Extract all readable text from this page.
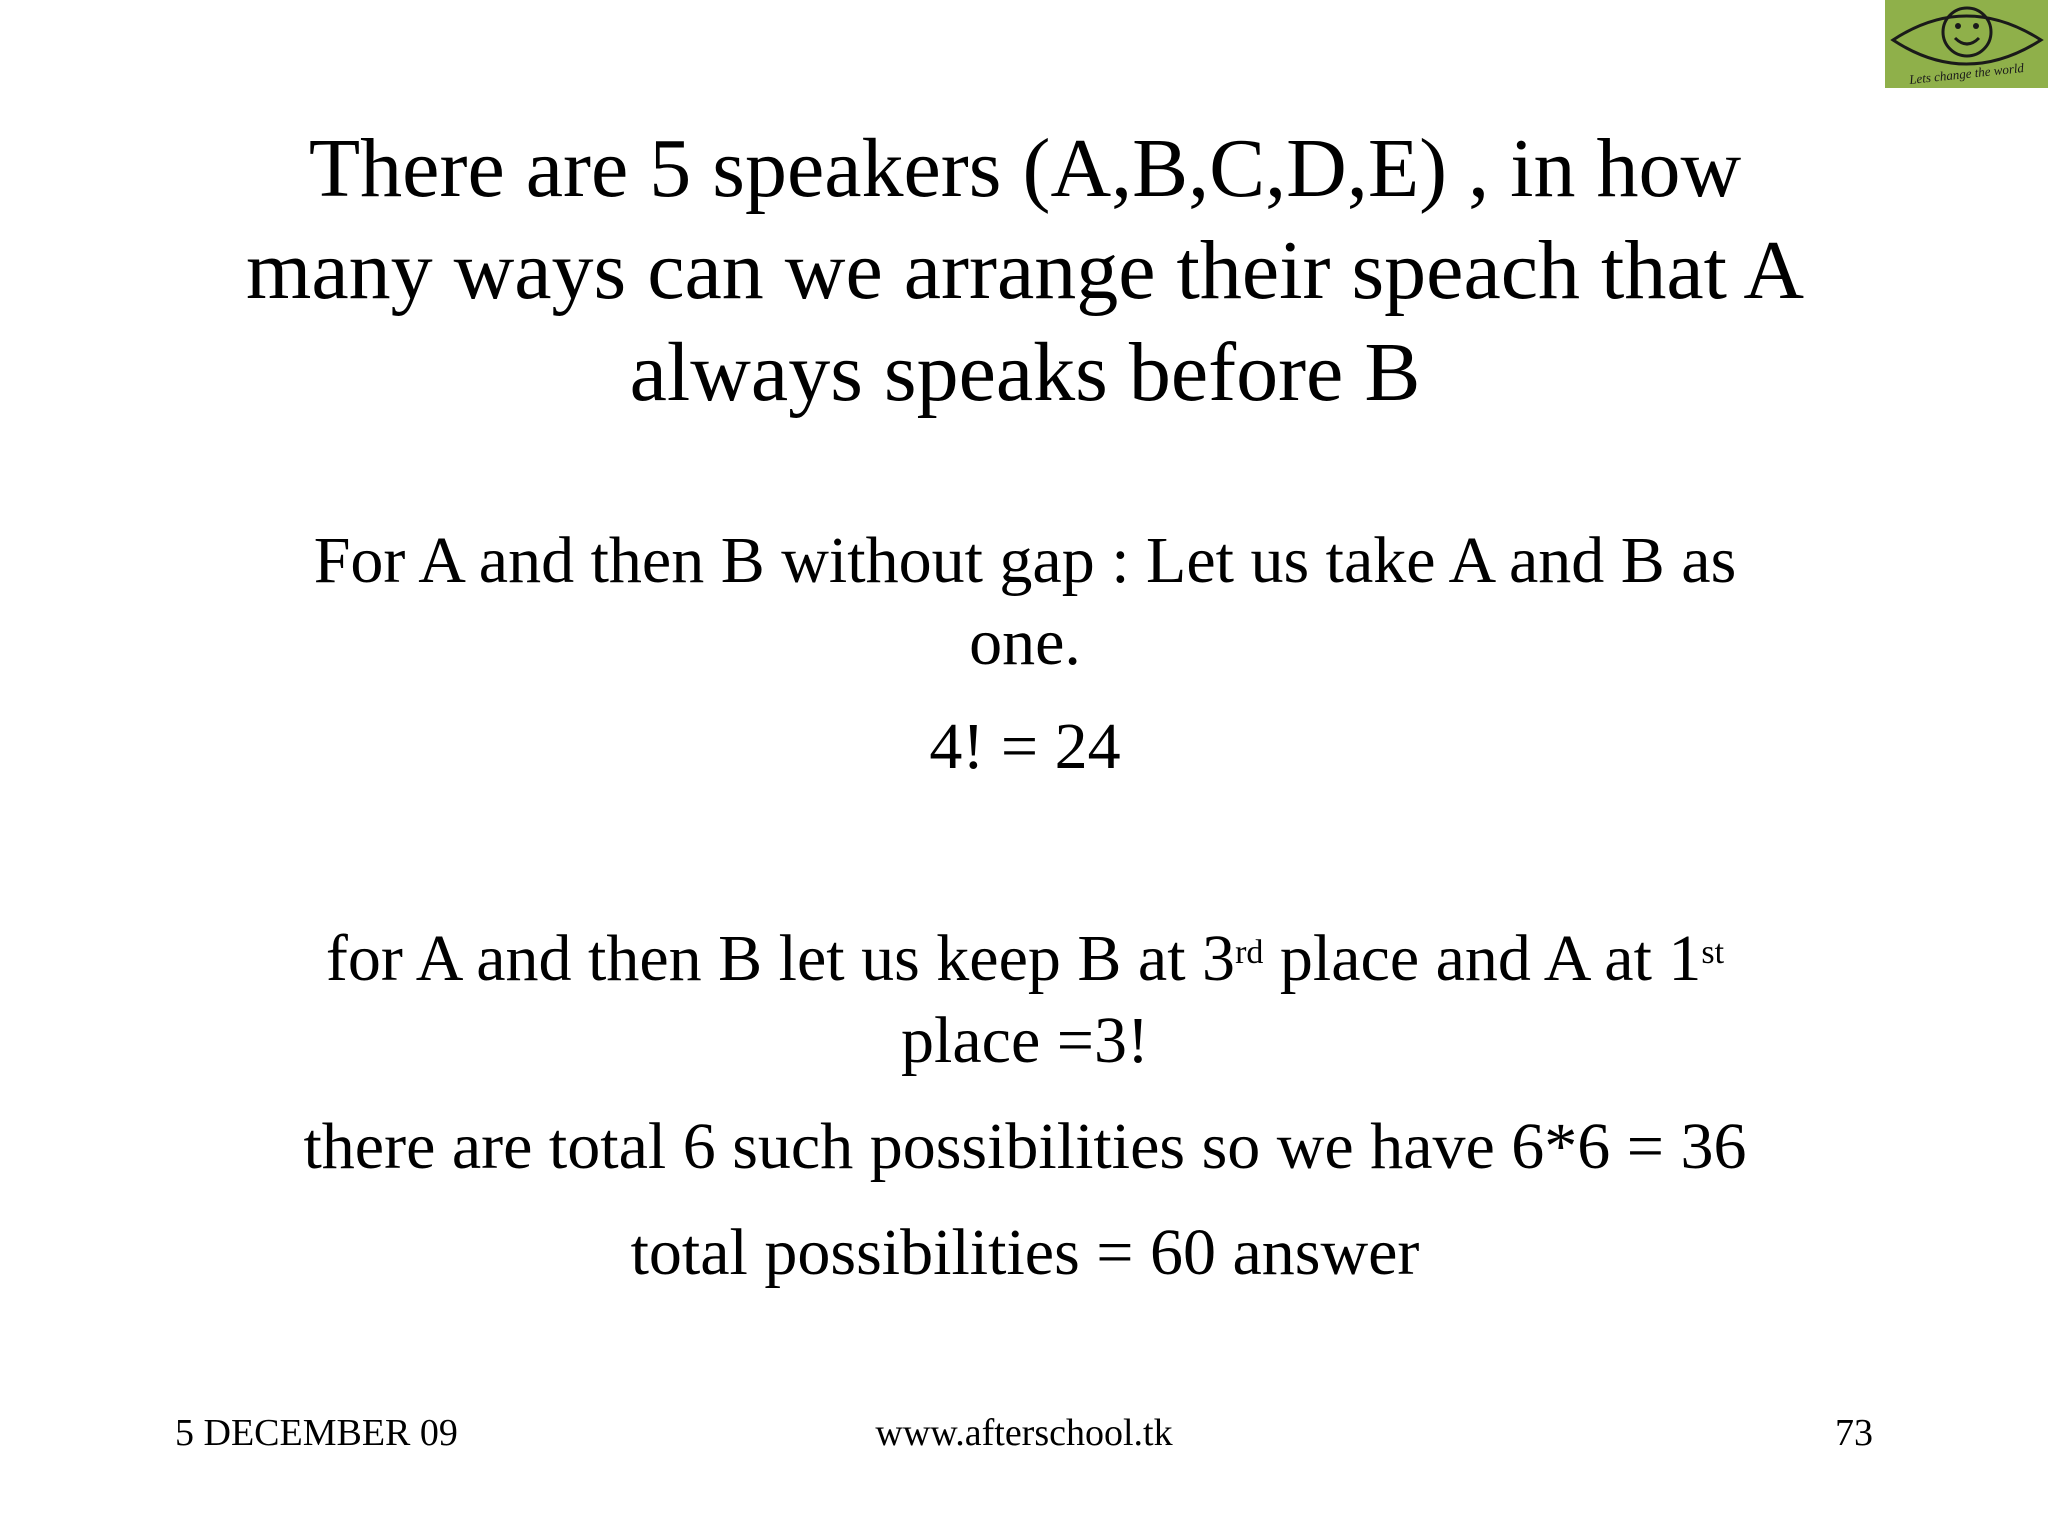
Lets change the world
There are 5 speakers (A,B,C,D,E) , in how
many ways can we arrange their speach that A
always speaks before B
For A and then B without gap : Let us take A and B as
one.
4! = 24
for A and then B let us keep B at 3rd place and A at 1st
place =3!
there are total 6 such possibilities so we have 6*6 = 36
total possibilities = 60 answer
5 DECEMBER 09	www.afterschool.tk	73
